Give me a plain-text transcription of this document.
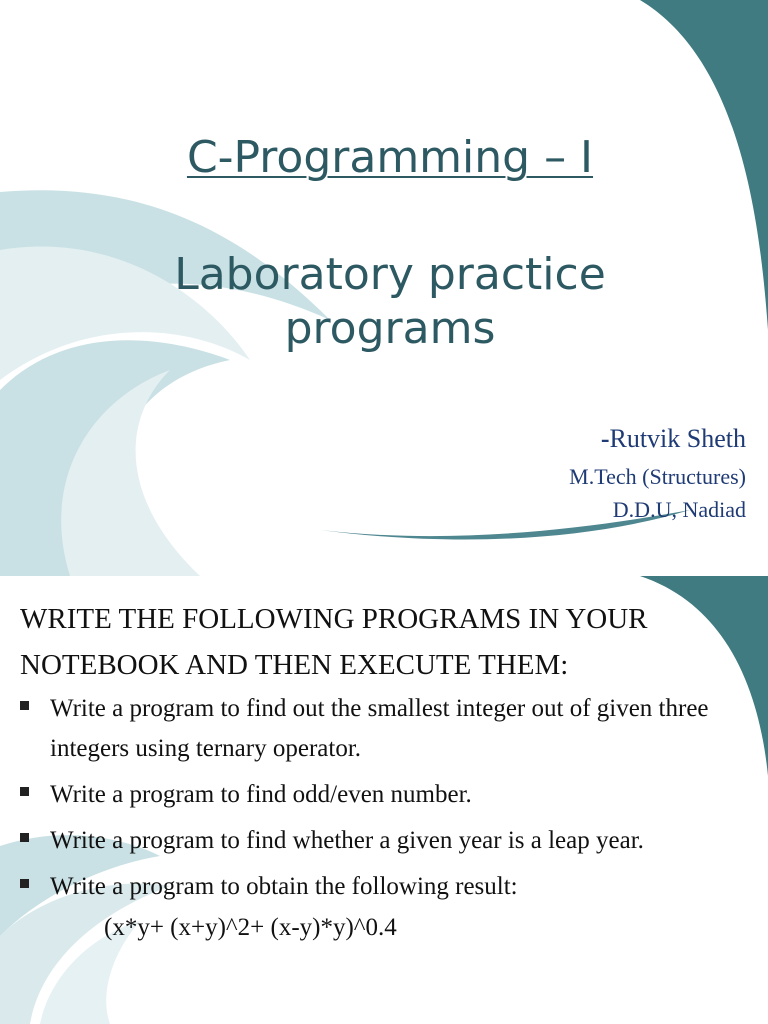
C-Programming – I
Laboratory practice
programs
-Rutvik Sheth
M.Tech (Structures)
D.D.U, Nadiad
WRITE THE FOLLOWING PROGRAMS IN YOUR
NOTEBOOK AND THEN EXECUTE THEM:
Write a program to find out the smallest integer out of given three integers using ternary operator.
Write a program to find odd/even number.
Write a program to find whether a given year is a leap year.
Write a program to obtain the following result:
(x*y+ (x+y)^2+ (x-y)*y)^0.4
